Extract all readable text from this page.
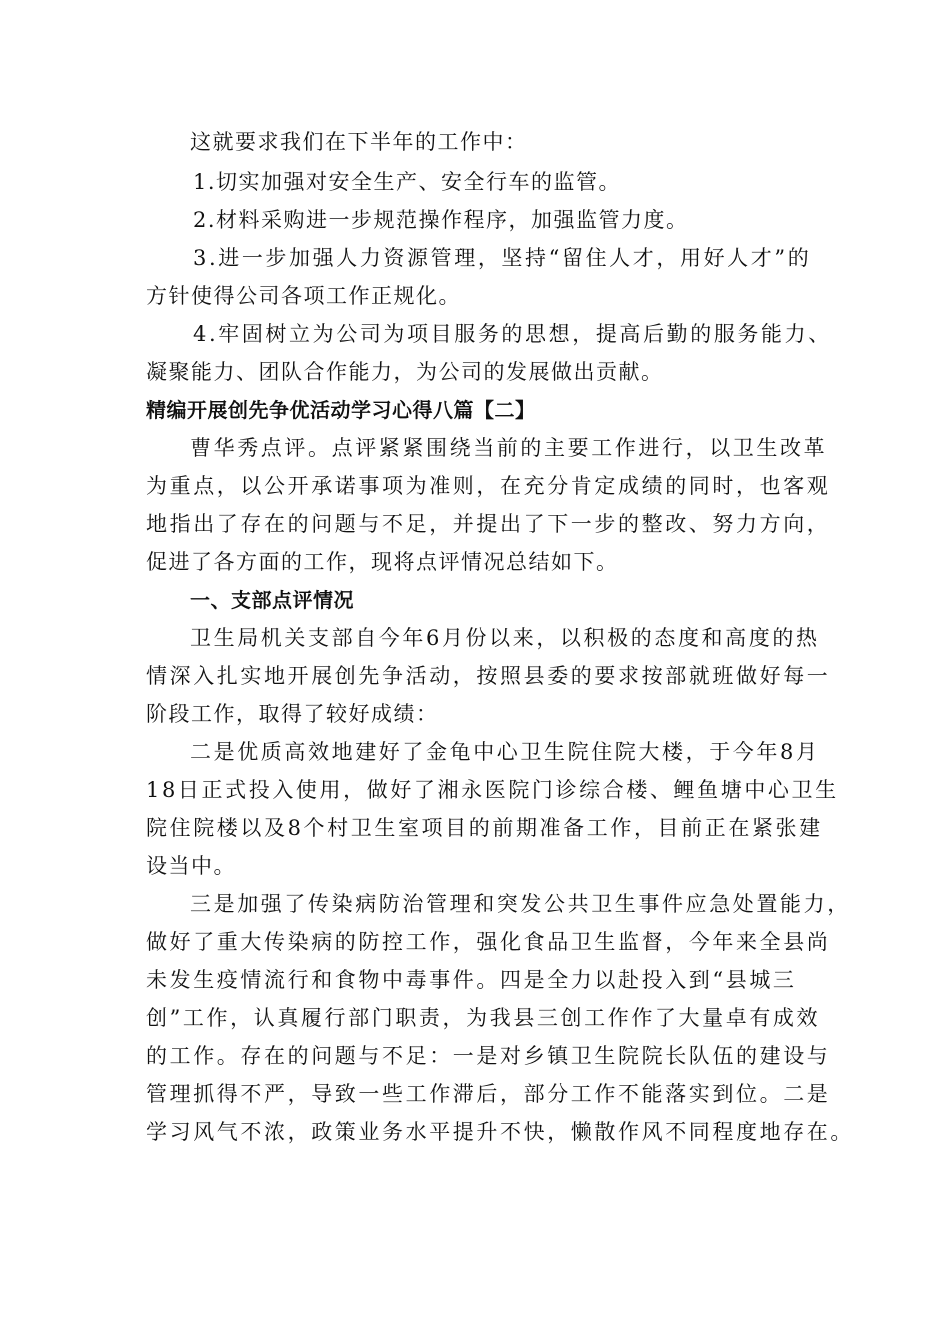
这就要求我们在下半年的工作中：
1.切实加强对安全生产、安全行车的监管。
2.材料采购进一步规范操作程序，加强监管力度。
3.进一步加强人力资源管理，坚持“留住人才，用好人才”的
方针使得公司各项工作正规化。
4.牢固树立为公司为项目服务的思想，提高后勤的服务能力、
凝聚能力、团队合作能力，为公司的发展做出贡献。
精编开展创先争优活动学习心得八篇【二】
曹华秀点评。点评紧紧围绕当前的主要工作进行，以卫生改革
为重点，以公开承诺事项为准则，在充分肯定成绩的同时，也客观
地指出了存在的问题与不足，并提出了下一步的整改、努力方向，
促进了各方面的工作，现将点评情况总结如下。
一、支部点评情况
卫生局机关支部自今年6月份以来，以积极的态度和高度的热
情深入扎实地开展创先争活动，按照县委的要求按部就班做好每一
阶段工作，取得了较好成绩：
二是优质高效地建好了金龟中心卫生院住院大楼，于今年8月
18日正式投入使用，做好了湘永医院门诊综合楼、鲤鱼塘中心卫生
院住院楼以及8个村卫生室项目的前期准备工作，目前正在紧张建
设当中。
三是加强了传染病防治管理和突发公共卫生事件应急处置能力，
做好了重大传染病的防控工作，强化食品卫生监督，今年来全县尚
未发生疫情流行和食物中毒事件。四是全力以赴投入到“县城三
创”工作，认真履行部门职责，为我县三创工作作了大量卓有成效
的工作。存在的问题与不足：一是对乡镇卫生院院长队伍的建设与
管理抓得不严，导致一些工作滞后，部分工作不能落实到位。二是
学习风气不浓，政策业务水平提升不快，懒散作风不同程度地存在。
